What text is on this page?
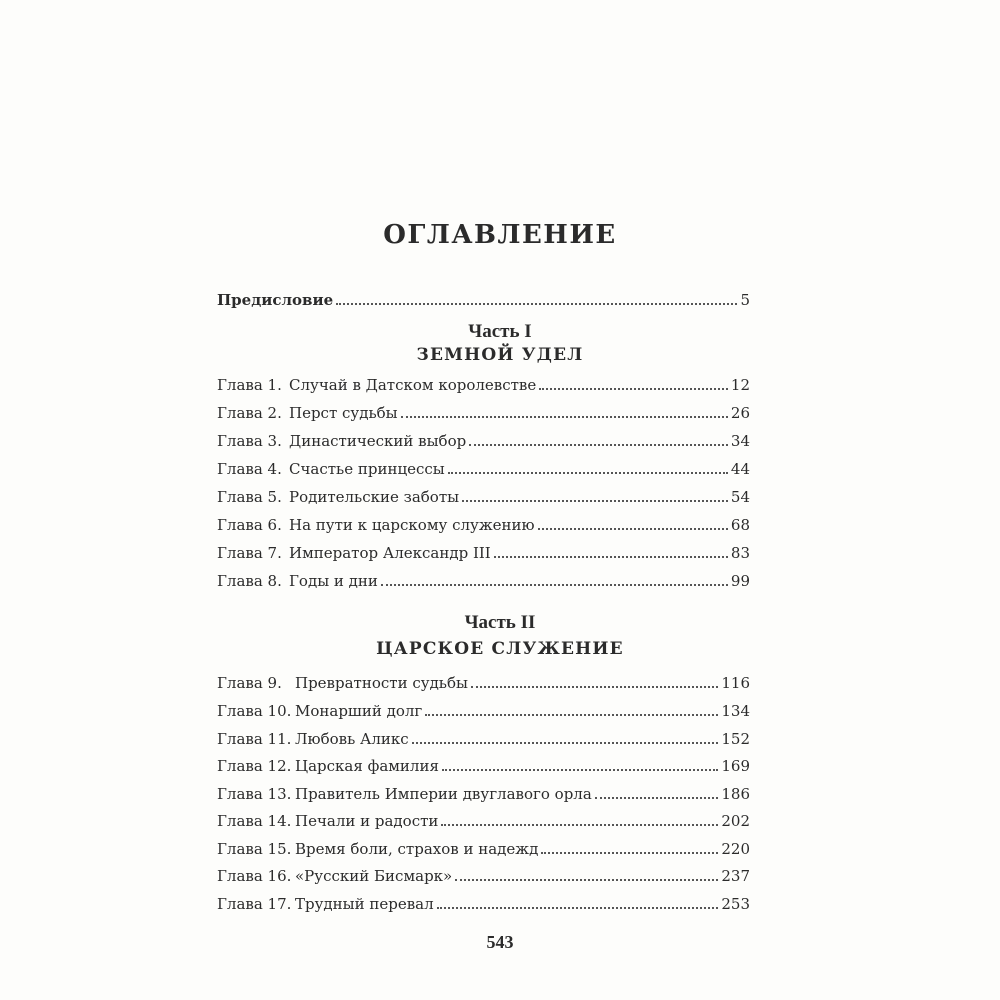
ОГЛАВЛЕНИЕ
Предисловие	5
Часть I
ЗЕМНОЙ УДЕЛ
Глава 1. Случай в Датском королевстве	12
Глава 2. Перст судьбы	26
Глава 3. Династический выбор	34
Глава 4. Счастье принцессы	44
Глава 5. Родительские заботы	54
Глава 6. На пути к царскому служению	68
Глава 7. Император Александр III	83
Глава 8. Годы и дни	99
Часть II
ЦАРСКОЕ СЛУЖЕНИЕ
Глава 9. Превратности судьбы	116
Глава 10. Монарший долг	134
Глава 11. Любовь Аликс	152
Глава 12. Царская фамилия	169
Глава 13. Правитель Империи двуглавого орла	186
Глава 14. Печали и радости	202
Глава 15. Время боли, страхов и надежд	220
Глава 16. «Русский Бисмарк»	237
Глава 17. Трудный перевал	253
543
